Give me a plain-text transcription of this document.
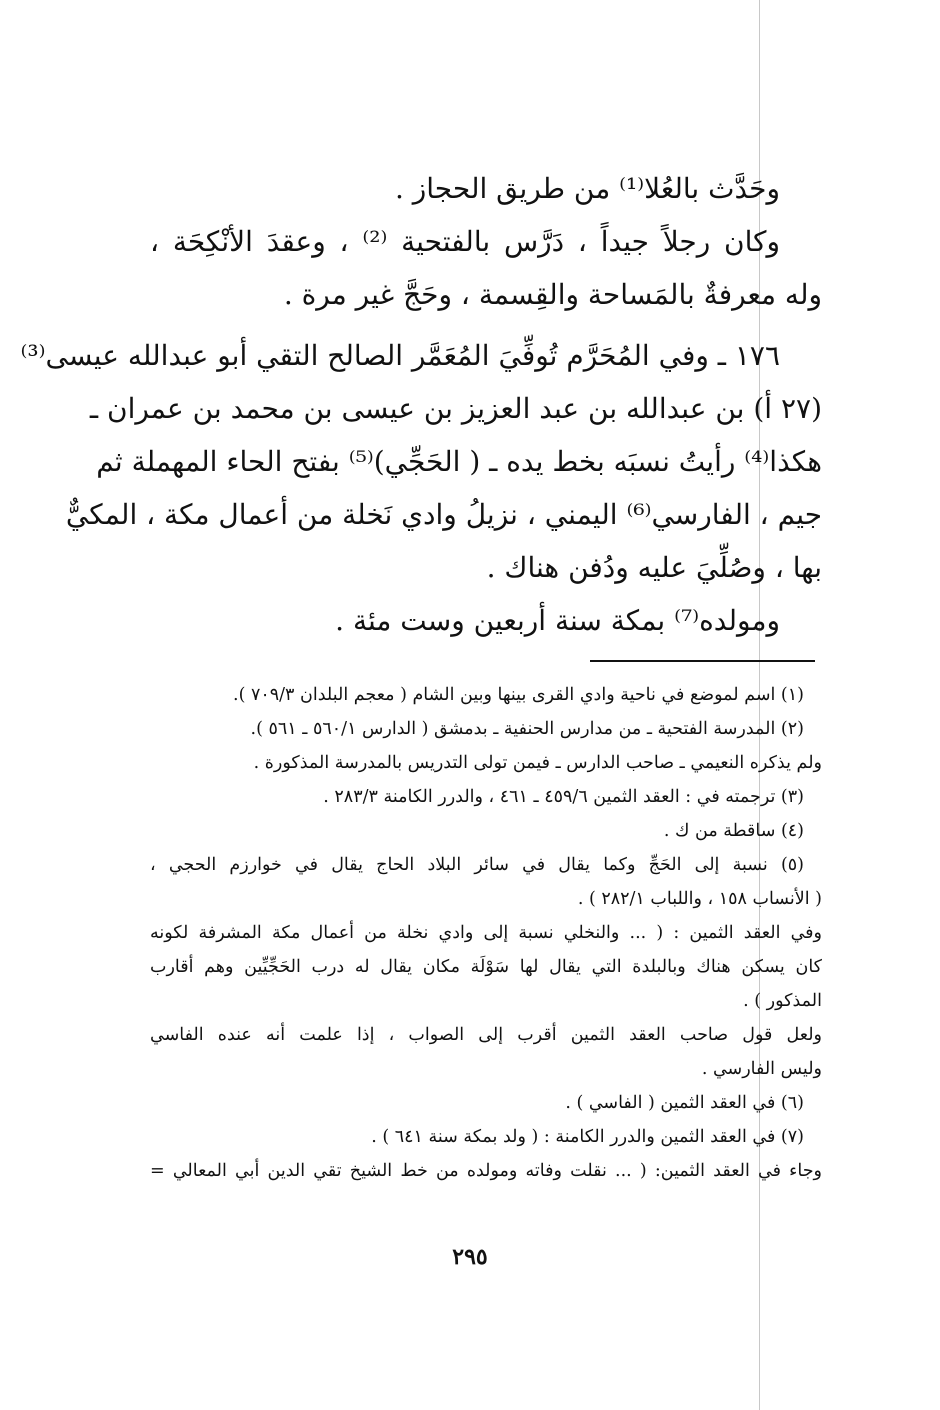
وحَدَّث بالعُلا⁽¹⁾ من طريق الحجاز .
وكان رجلاً جيداً ، دَرَّس بالفتحية ⁽²⁾ ، وعقدَ الأنْكِحَة ،
وله معرفةٌ بالمَساحة والقِسمة ، وحَجَّ غير مرة .
١٧٦ ـ وفي المُحَرَّم تُوفِّيَ المُعَمَّر الصالح التقي أبو عبدالله عيسى⁽³⁾
(٢٧ أ) بن عبدالله بن عبد العزيز بن عيسى بن محمد بن عمران ـ
هكذا⁽⁴⁾ رأيتُ نسبَه بخط يده ـ ( الحَجِّي)⁽⁵⁾ بفتح الحاء المهملة ثم
جيم ، الفارسي⁽⁶⁾ اليمني ، نزيلُ وادي نَخلة من أعمال مكة ، المكيٌّ
بها ، وصُلِّيَ عليه ودُفن هناك .
ومولده⁽⁷⁾ بمكة سنة أربعين وست مئة .
(١) اسم لموضع في ناحية وادي القرى بينها وبين الشام ( معجم البلدان ٧٠٩/٣ ).
(٢) المدرسة الفتحية ـ من مدارس الحنفية ـ بدمشق ( الدارس ٥٦٠/١ ـ ٥٦١ ).
ولم يذكره النعيمي ـ صاحب الدارس ـ فيمن تولى التدريس بالمدرسة المذكورة .
(٣) ترجمته في : العقد الثمين ٤٥٩/٦ ـ ٤٦١ ، والدرر الكامنة ٢٨٣/٣ .
(٤) ساقطة من ك .
(٥) نسبة إلى الحَجِّ وكما يقال في سائر البلاد الحاج يقال في خوارزم الحجي ،
( الأنساب ١٥٨ ، واللباب ٢٨٢/١ ) .
وفي العقد الثمين : ( ... والنخلي نسبة إلى وادي نخلة من أعمال مكة المشرفة لكونه
كان يسكن هناك وبالبلدة التي يقال لها سَوْلَة مكان يقال له درب الحَجِّيِّين وهم أقارب
المذكور ) .
ولعل قول صاحب العقد الثمين أقرب إلى الصواب ، إذا علمت أنه عنده الفاسي
وليس الفارسي .
(٦) في العقد الثمين ( الفاسي ) .
(٧) في العقد الثمين والدرر الكامنة : ( ولد بمكة سنة ٦٤١ ) .
وجاء في العقد الثمين: ( ... نقلت وفاته ومولده من خط الشيخ تقي الدين أبي المعالي =
٢٩٥
